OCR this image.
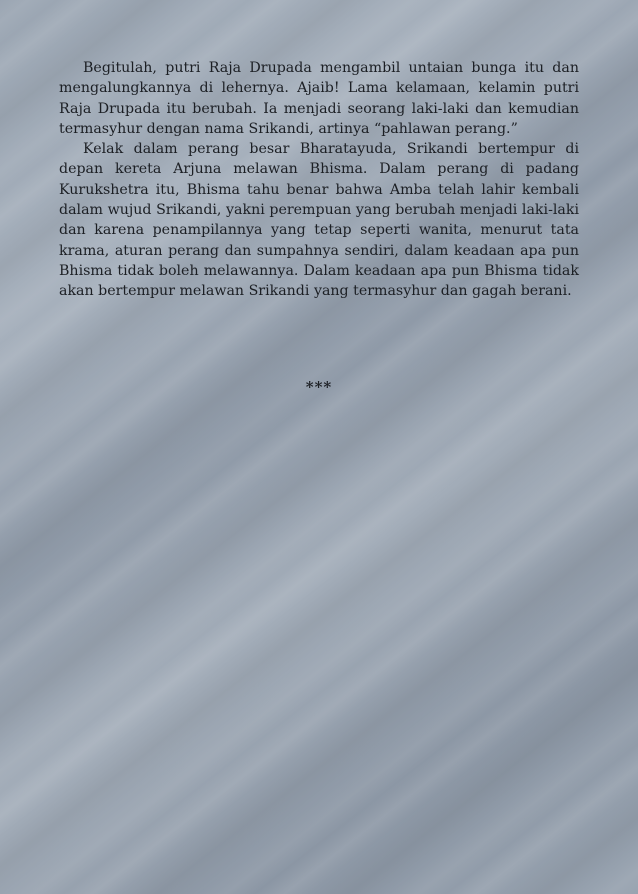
Begitulah, putri Raja Drupada mengambil untaian bunga itu dan mengalungkannya di lehernya. Ajaib! Lama kelamaan, kelamin putri Raja Drupada itu berubah. Ia menjadi seorang laki-laki dan kemudian termasyhur dengan nama Srikandi, artinya “pahlawan perang.”

Kelak dalam perang besar Bharatayuda, Srikandi bertempur di depan kereta Arjuna melawan Bhisma. Dalam perang di padang Kurukshetra itu, Bhisma tahu benar bahwa Amba telah lahir kembali dalam wujud Srikandi, yakni perempuan yang berubah menjadi laki-laki dan karena penampilannya yang tetap seperti wanita, menurut tata krama, aturan perang dan sumpahnya sendiri, dalam keadaan apa pun Bhisma tidak boleh melawannya. Dalam keadaan apa pun Bhisma tidak akan bertempur melawan Srikandi yang termasyhur dan gagah berani.

***
